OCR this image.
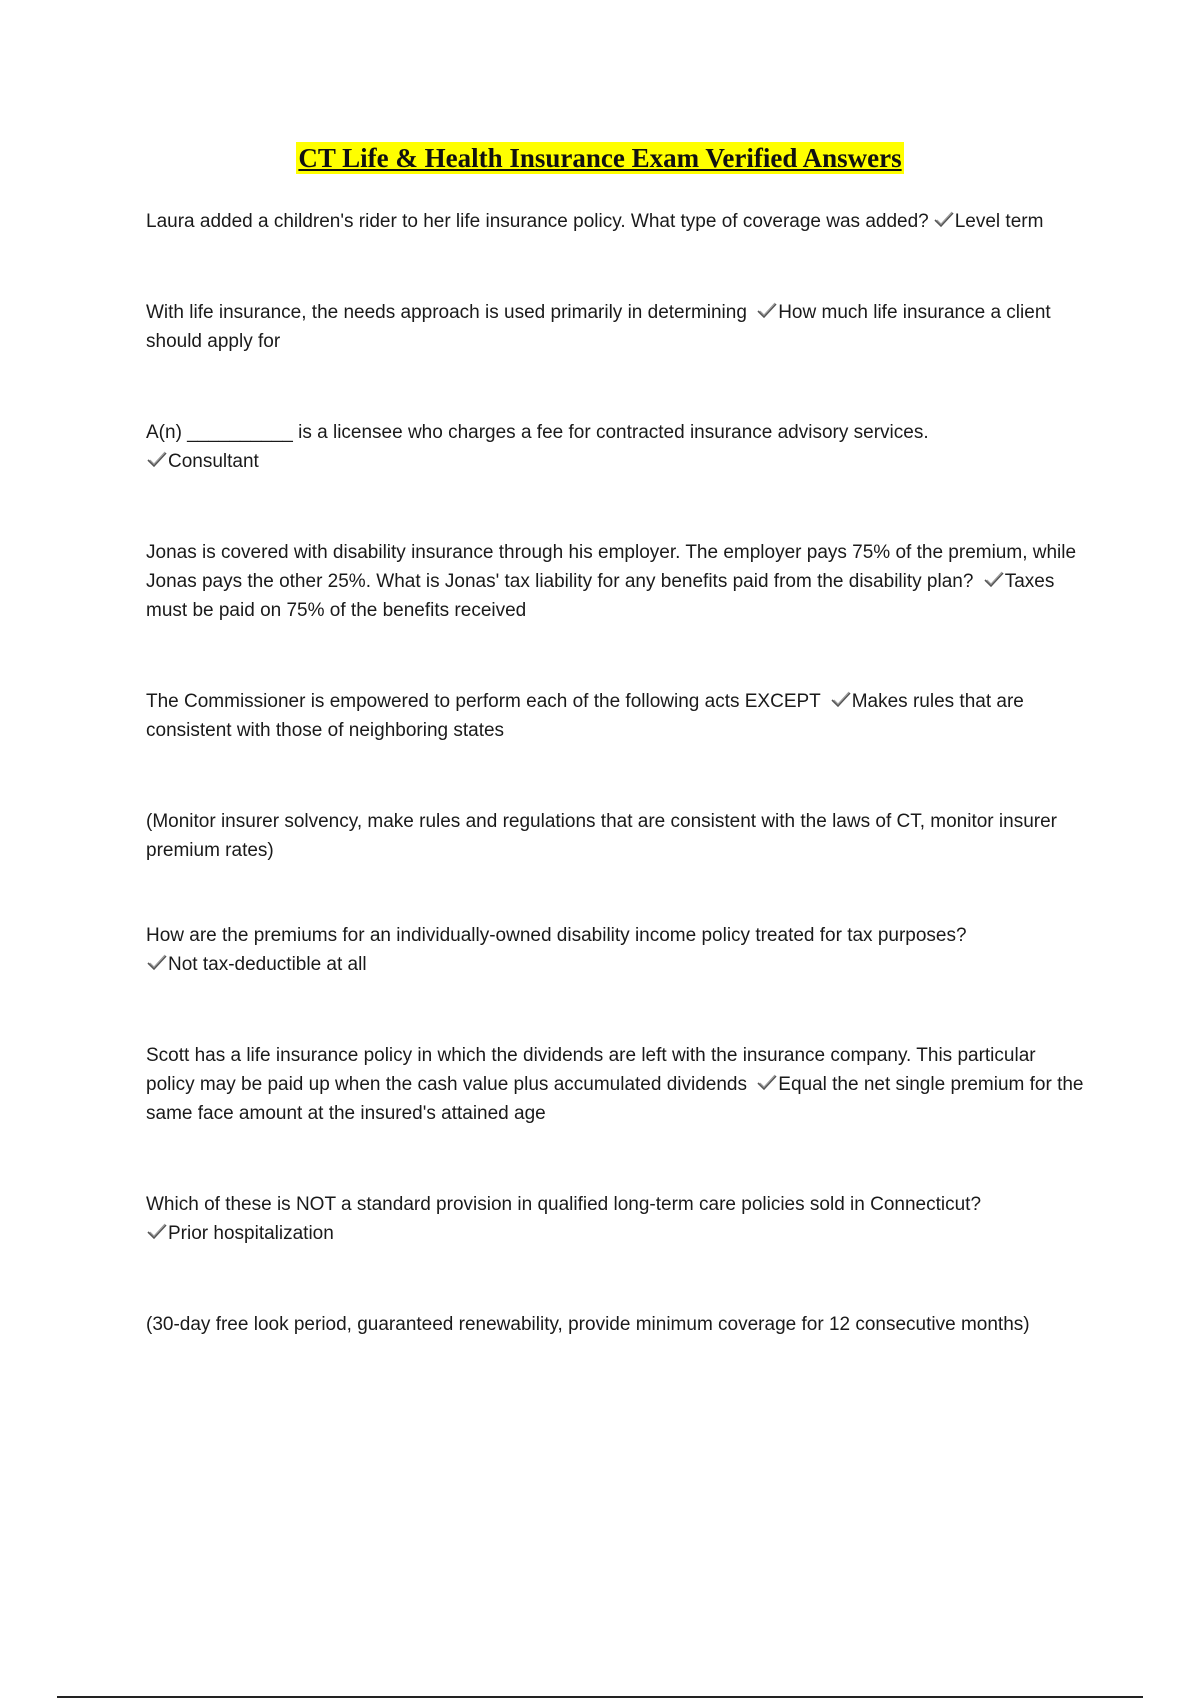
CT Life & Health Insurance Exam Verified Answers

Laura added a children's rider to her life insurance policy. What type of coverage was added? Level term

With life insurance, the needs approach is used primarily in determining How much life insurance a client should apply for

A(n) __________ is a licensee who charges a fee for contracted insurance advisory services.

Consultant

Jonas is covered with disability insurance through his employer. The employer pays 75% of the premium, while Jonas pays the other 25%. What is Jonas' tax liability for any benefits paid from the disability plan? Taxes must be paid on 75% of the benefits received

The Commissioner is empowered to perform each of the following acts EXCEPT Makes rules that are consistent with those of neighboring states

(Monitor insurer solvency, make rules and regulations that are consistent with the laws of CT, monitor insurer premium rates)

How are the premiums for an individually-owned disability income policy treated for tax purposes?

Not tax-deductible at all

Scott has a life insurance policy in which the dividends are left with the insurance company. This particular policy may be paid up when the cash value plus accumulated dividends Equal the net single premium for the same face amount at the insured's attained age

Which of these is NOT a standard provision in qualified long-term care policies sold in Connecticut?

Prior hospitalization

(30-day free look period, guaranteed renewability, provide minimum coverage for 12 consecutive months)
